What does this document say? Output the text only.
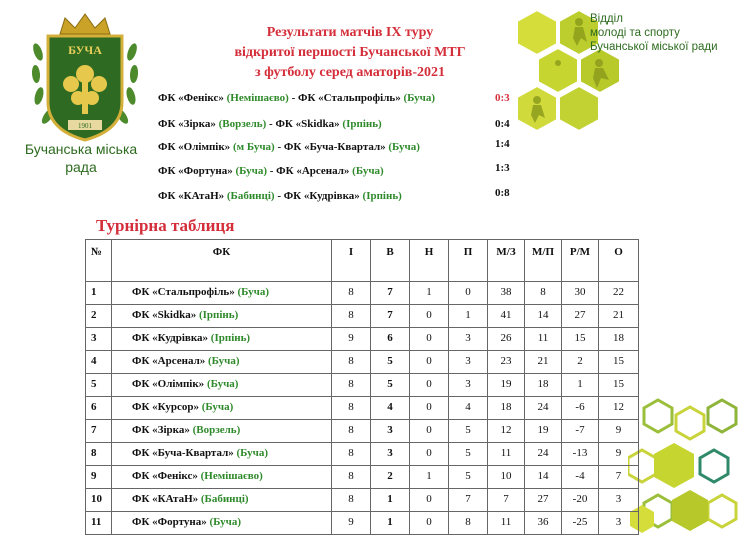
БУЧА
1901
Бучанська міська
рада
Результати матчів IX туру
відкритої першості Бучанської МТГ
з футболу серед аматорів-2021
ФК «Фенікс» (Немішаєво) - ФК «Стальпрофіль» (Буча)	0:3
ФК «Зірка» (Ворзель) - ФК «Skidka» (Ірпінь)	0:4
ФК «Олімпік» (м Буча) - ФК «Буча-Квартал» (Буча)	1:4
ФК «Фортуна» (Буча) - ФК «Арсенал» (Буча)	1:3
ФК «КАтаН» (Бабинці) - ФК «Кудрівка» (Ірпінь)	0:8
Відділ
молоді та спорту
Бучанської міської ради
Турнірна таблиця
№	ФК	І	В	Н	П	М/З	М/П	Р/М	О
1	ФК «Стальпрофіль» (Буча)	8	7	1	0	38	8	30	22
2	ФК «Skidka» (Ірпінь)	8	7	0	1	41	14	27	21
3	ФК «Кудрівка» (Ірпінь)	9	6	0	3	26	11	15	18
4	ФК «Арсенал» (Буча)	8	5	0	3	23	21	2	15
5	ФК «Олімпік» (Буча)	8	5	0	3	19	18	1	15
6	ФК «Курсор» (Буча)	8	4	0	4	18	24	-6	12
7	ФК «Зірка» (Ворзель)	8	3	0	5	12	19	-7	9
8	ФК «Буча-Квартал» (Буча)	8	3	0	5	11	24	-13	9
9	ФК «Фенікс» (Немішаєво)	8	2	1	5	10	14	-4	7
10	ФК «КАтаН» (Бабинці)	8	1	0	7	7	27	-20	3
11	ФК «Фортуна» (Буча)	9	1	0	8	11	36	-25	3
